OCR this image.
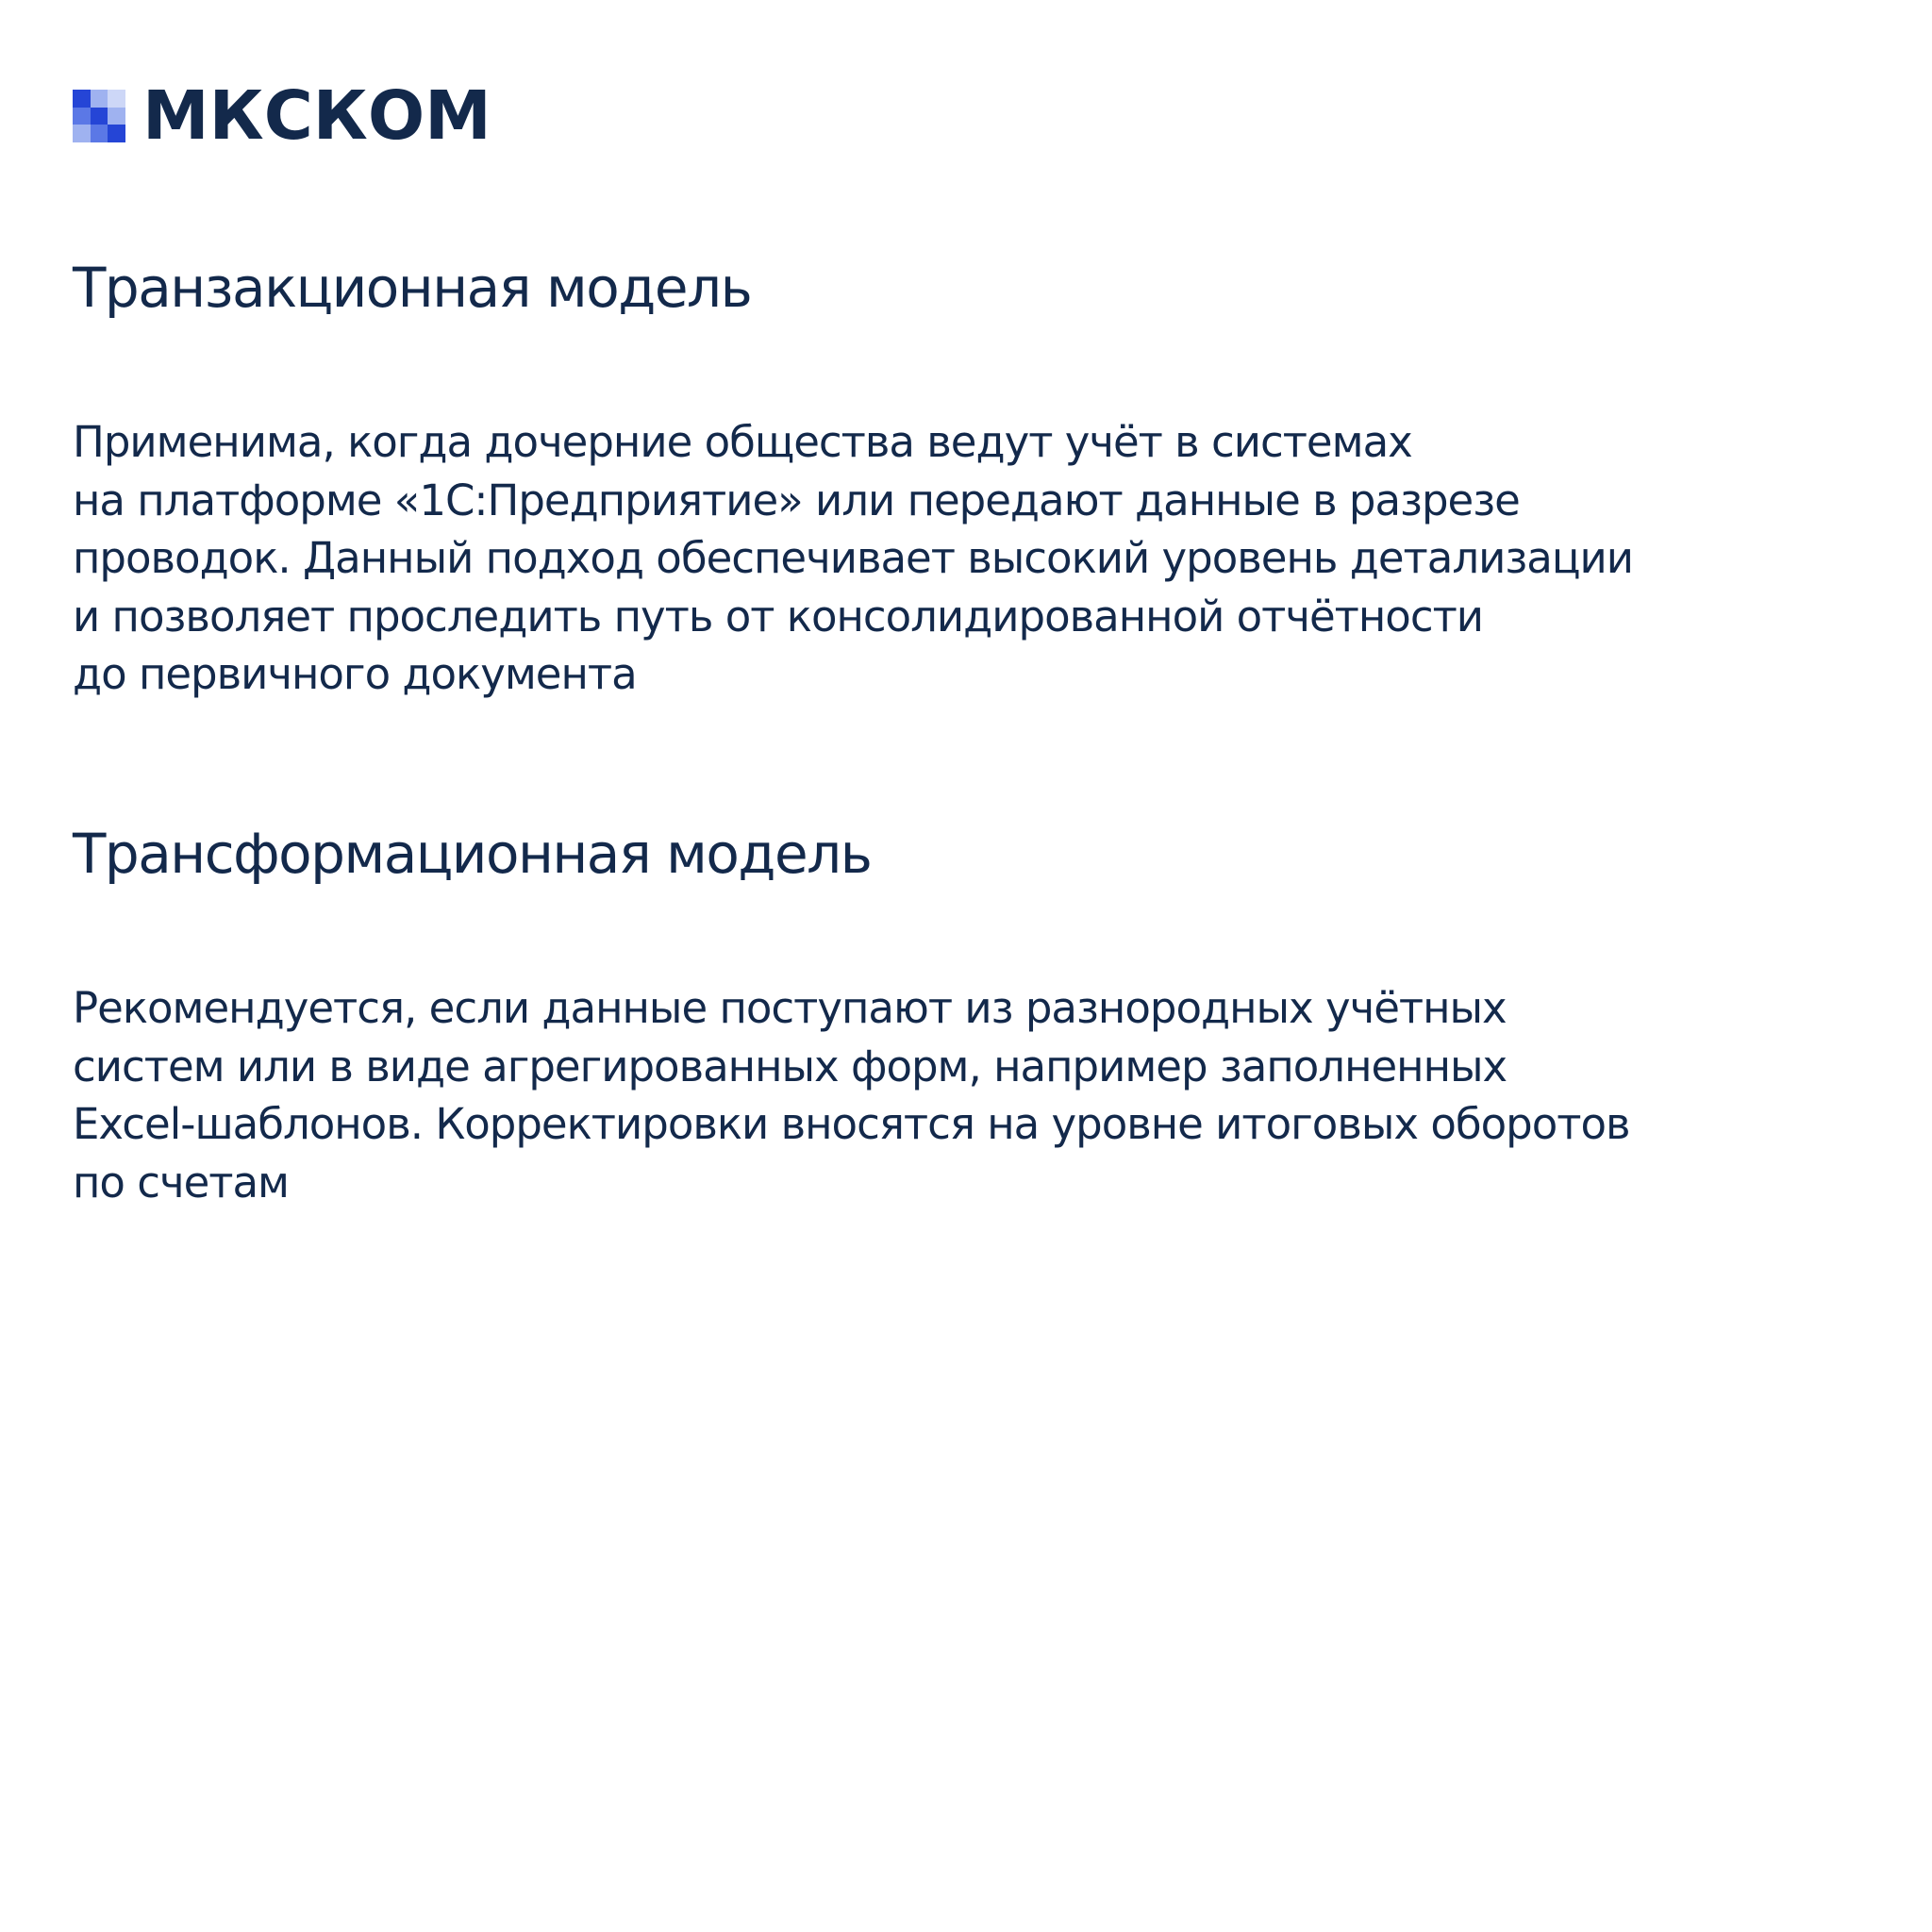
МКСКОМ
Транзакционная модель

Применима, когда дочерние общества ведут учёт в системах
на платформе «1С:Предприятие» или передают данные в разрезе
проводок. Данный подход обеспечивает высокий уровень детализации
и позволяет проследить путь от консолидированной отчётности
до первичного документа

Трансформационная модель

Рекомендуется, если данные поступают из разнородных учётных
систем или в виде агрегированных форм, например заполненных
Excel-шаблонов. Корректировки вносятся на уровне итоговых оборотов
по счетам
